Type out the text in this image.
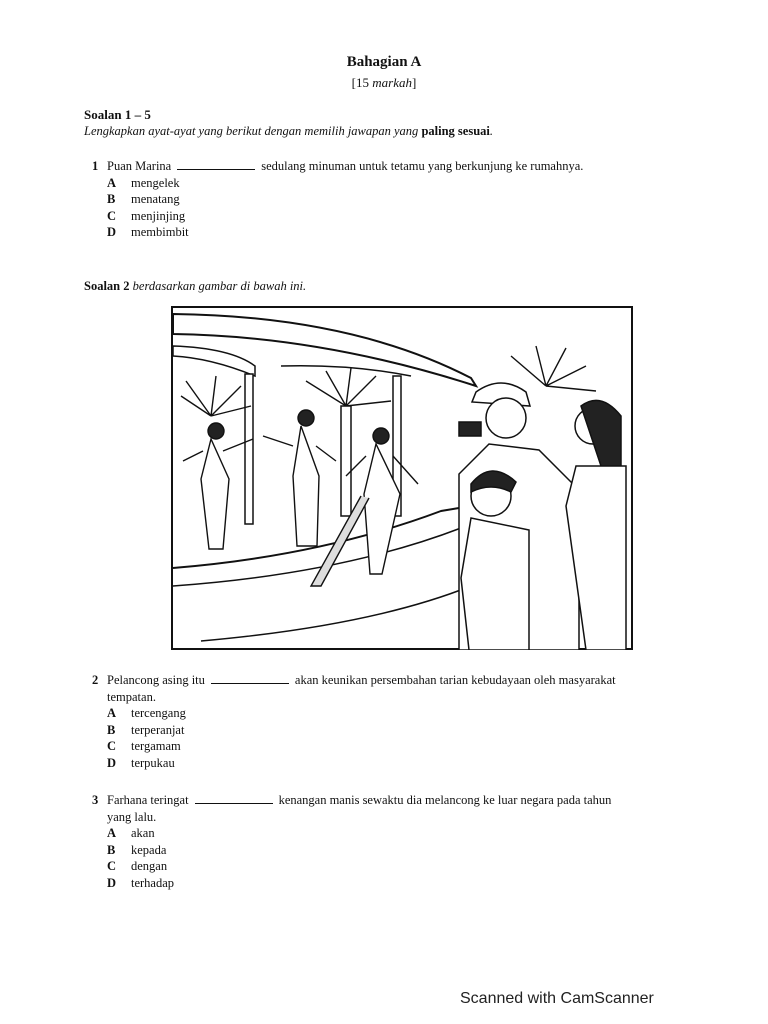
Bahagian A
[15 markah]
Soalan 1 – 5
Lengkapkan ayat-ayat yang berikut dengan memilih jawapan yang paling sesuai.
1 Puan Marina	sedulang minuman untuk tetamu yang berkunjung ke rumahnya.
A	mengelek
B	menatang
C	menjinjing
D	membimbit
Soalan 2 berdasarkan gambar di bawah ini.
2 Pelancong asing itu	akan keunikan persembahan tarian kebudayaan oleh masyarakat
tempatan.
A	tercengang
B	terperanjat
C	tergamam
D	terpukau
3 Farhana teringat	kenangan manis sewaktu dia melancong ke luar negara pada tahun
yang lalu.
A	akan
B	kepada
C	dengan
D	terhadap
Scanned with CamScanner
